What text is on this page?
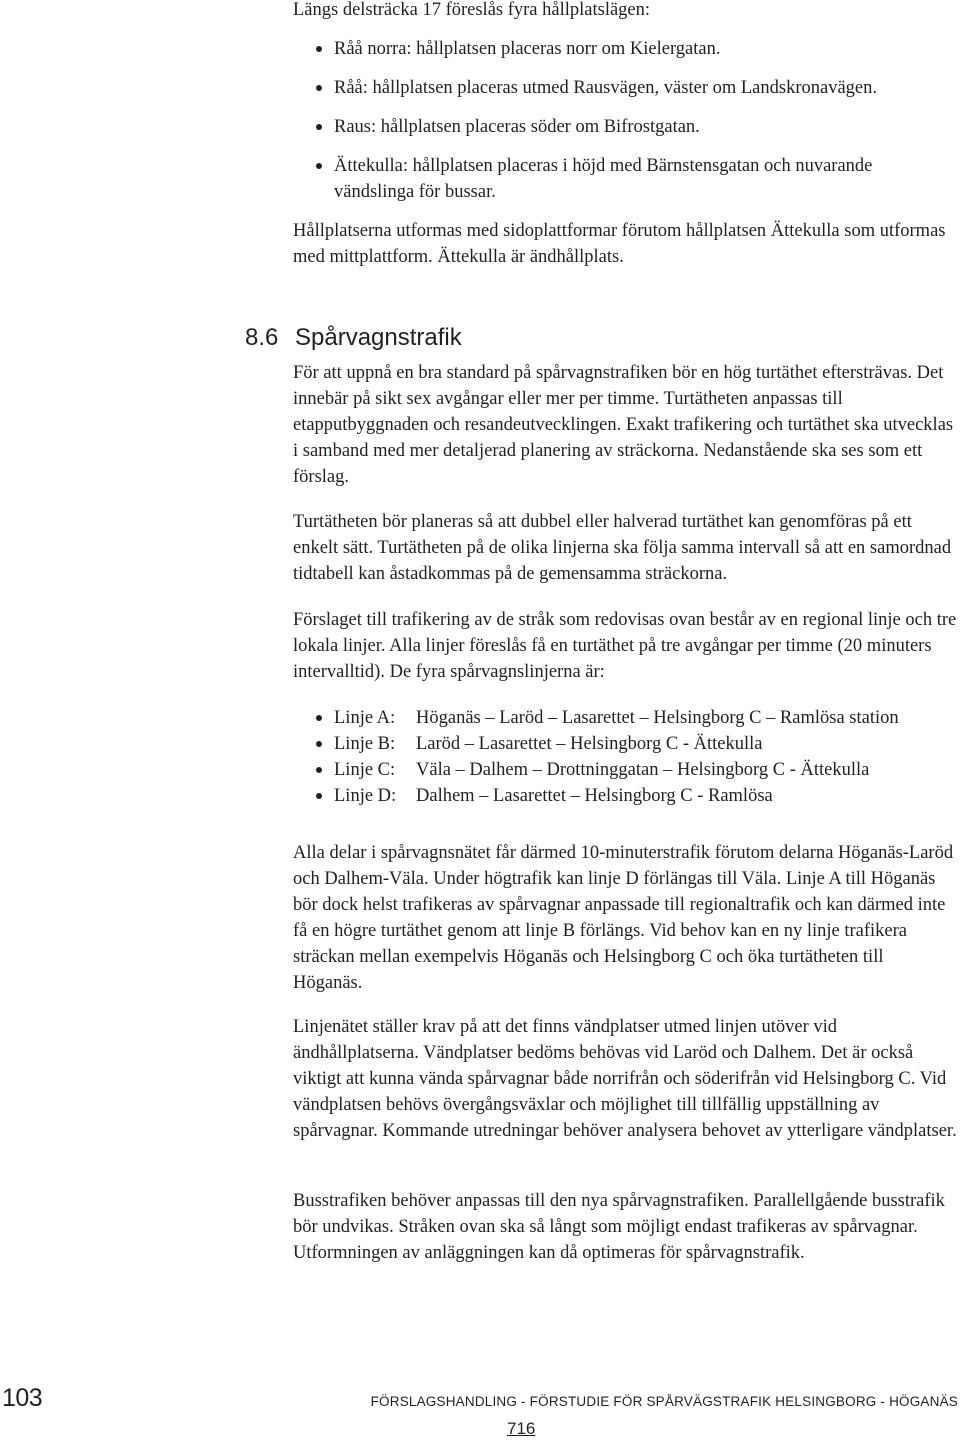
Längs delsträcka 17 föreslås fyra hållplatslägen:
Råå norra: hållplatsen placeras norr om Kielergatan.
Råå: hållplatsen placeras utmed Rausvägen, väster om Landskronavägen.
Raus: hållplatsen placeras söder om Bifrostgatan.
Ättekulla: hållplatsen placeras i höjd med Bärnstensgatan och nuvarande vändslinga för bussar.

Hållplatserna utformas med sidoplattformar förutom hållplatsen Ättekulla som utformas med mittplattform. Ättekulla är ändhållplats.

8.6 Spårvagnstrafik

För att uppnå en bra standard på spårvagnstrafiken bör en hög turtäthet eftersträvas. Det innebär på sikt sex avgångar eller mer per timme. Turtätheten anpassas till etapputbyggnaden och resandeutvecklingen. Exakt trafikering och turtäthet ska utvecklas i samband med mer detaljerad planering av sträckorna. Nedanstående ska ses som ett förslag.

Turtätheten bör planeras så att dubbel eller halverad turtäthet kan genomföras på ett enkelt sätt. Turtätheten på de olika linjerna ska följa samma intervall så att en samordnad tidtabell kan åstadkommas på de gemensamma sträckorna.

Förslaget till trafikering av de stråk som redovisas ovan består av en regional linje och tre lokala linjer. Alla linjer föreslås få en turtäthet på tre avgångar per timme (20 minuters intervalltid). De fyra spårvagnslinjerna är:

Linje A: Höganäs – Laröd – Lasarettet – Helsingborg C – Ramlösa station
Linje B: Laröd – Lasarettet – Helsingborg C - Ättekulla
Linje C: Väla – Dalhem – Drottninggatan – Helsingborg C - Ättekulla
Linje D: Dalhem – Lasarettet – Helsingborg C - Ramlösa

Alla delar i spårvagnsnätet får därmed 10-minuterstrafik förutom delarna Höganäs-Laröd och Dalhem-Väla. Under högtrafik kan linje D förlängas till Väla. Linje A till Höganäs bör dock helst trafikeras av spårvagnar anpassade till regionaltrafik och kan därmed inte få en högre turtäthet genom att linje B förlängs. Vid behov kan en ny linje trafikera sträckan mellan exempelvis Höganäs och Helsingborg C och öka turtätheten till Höganäs.

Linjenätet ställer krav på att det finns vändplatser utmed linjen utöver vid ändhållplatserna. Vändplatser bedöms behövas vid Laröd och Dalhem. Det är också viktigt att kunna vända spårvagnar både norrifrån och söderifrån vid Helsingborg C. Vid vändplatsen behövs övergångsväxlar och möjlighet till tillfällig uppställning av spårvagnar. Kommande utredningar behöver analysera behovet av ytterligare vändplatser.

Busstrafiken behöver anpassas till den nya spårvagnstrafiken. Parallellgående busstrafik bör undvikas. Stråken ovan ska så långt som möjligt endast trafikeras av spårvagnar. Utformningen av anläggningen kan då optimeras för spårvagnstrafik.

103	FÖRSLAGSHANDLING - FÖRSTUDIE FÖR SPÅRVÄGSTRAFIK HELSINGBORG - HÖGANÄS
716
